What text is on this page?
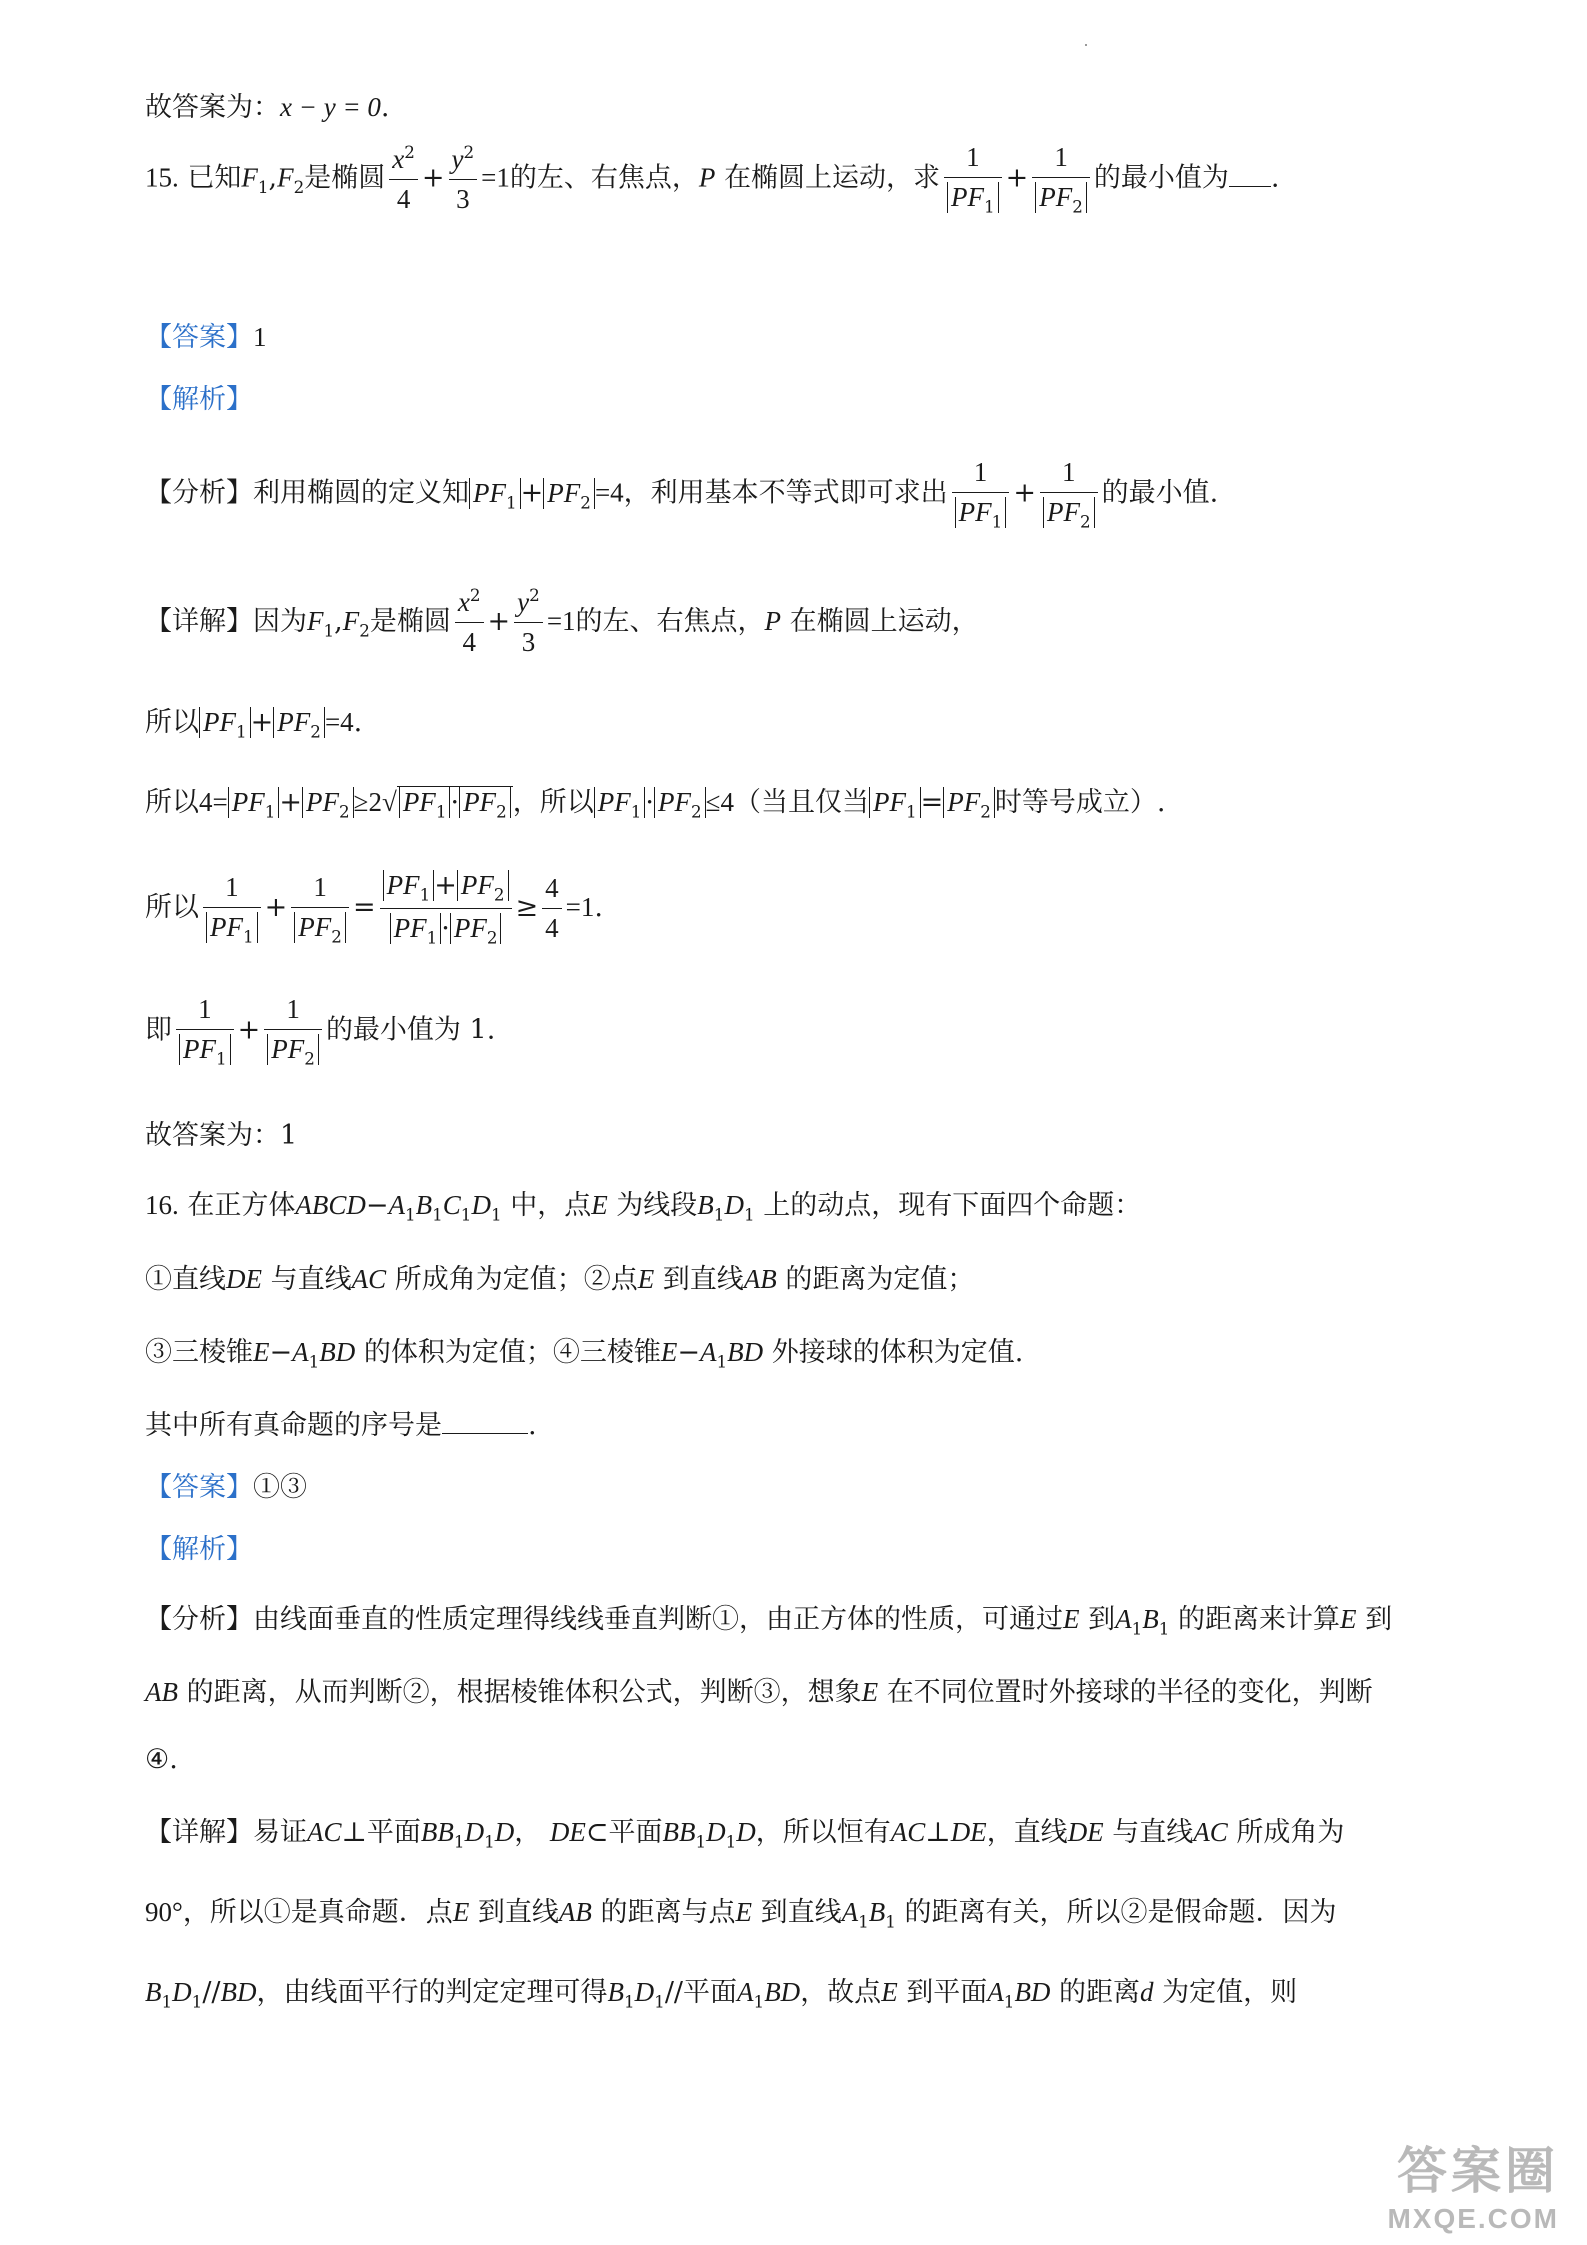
故答案为：x − y = 0.
15. 已知$F_1,F_2$是椭圆 $\frac{x^2}{4} + \frac{y^2}{3} =1$的左、右焦点，P 在椭圆上运动，求 $\frac{1}{PF_1} + \frac{1}{PF_2}$ 的最小值为 .
【答案】1
【解析】
【分析】利用椭圆的定义知 $PF_1 + PF_2 =4$，利用基本不等式即可求出 $\frac{1}{PF_1} + \frac{1}{PF_2}$ 的最小值.
【详解】因为$F_1,F_2$是椭圆 $\frac{x^2}{4} + \frac{y^2}{3} =1$的左、右焦点，P 在椭圆上运动，
所以 $PF_1 + PF_2 =4$.
所以$4= PF_1 + PF_2 \ge 2√$ $PF_1 \cdot PF_2$ ，所以 $PF_1 \cdot PF_2 \le 4$（当且仅当 $PF_1 = PF_2$ 时等号成立）.
所以 $\frac{1}{PF_1} + \frac{1}{PF_2} = \frac{PF_1 + PF_2}{PF_1 \cdot PF_2} \ge \frac{4}{4} =1$.
即 $\frac{1}{PF_1} + \frac{1}{PF_2}$ 的最小值为 1.
故答案为：1
16. 在正方体$ABCD-A_1B_1C_1D_1$ 中，点E 为线段$B_1D_1$ 上的动点，现有下面四个命题：
①直线DE 与直线AC 所成角为定值；②点E 到直线AB 的距离为定值；
③三棱锥$E-A_1BD$ 的体积为定值；④三棱锥$E-A_1BD$ 外接球的体积为定值.
其中所有真命题的序号是	.
【答案】①③
【解析】
【分析】由线面垂直的性质定理得线线垂直判断①，由正方体的性质，可通过E 到$A_1B_1$ 的距离来计算E 到
AB 的距离，从而判断②，根据棱锥体积公式，判断③，想象E 在不同位置时外接球的半径的变化，判断
④.
【详解】易证AC⊥平面$BB_1D_1D$， DE⊂平面$BB_1D_1D$，所以恒有AC⊥DE，直线DE 与直线AC 所成角为
90°，所以①是真命题．点E 到直线AB 的距离与点E 到直线$A_1B_1$ 的距离有关，所以②是假命题．因为
$B_1D_1//BD$，由线面平行的判定定理可得$B_1D_1//$平面$A_1BD$，故点E 到平面$A_1BD$ 的距离d 为定值，则
答案圈
MXQE.COM
